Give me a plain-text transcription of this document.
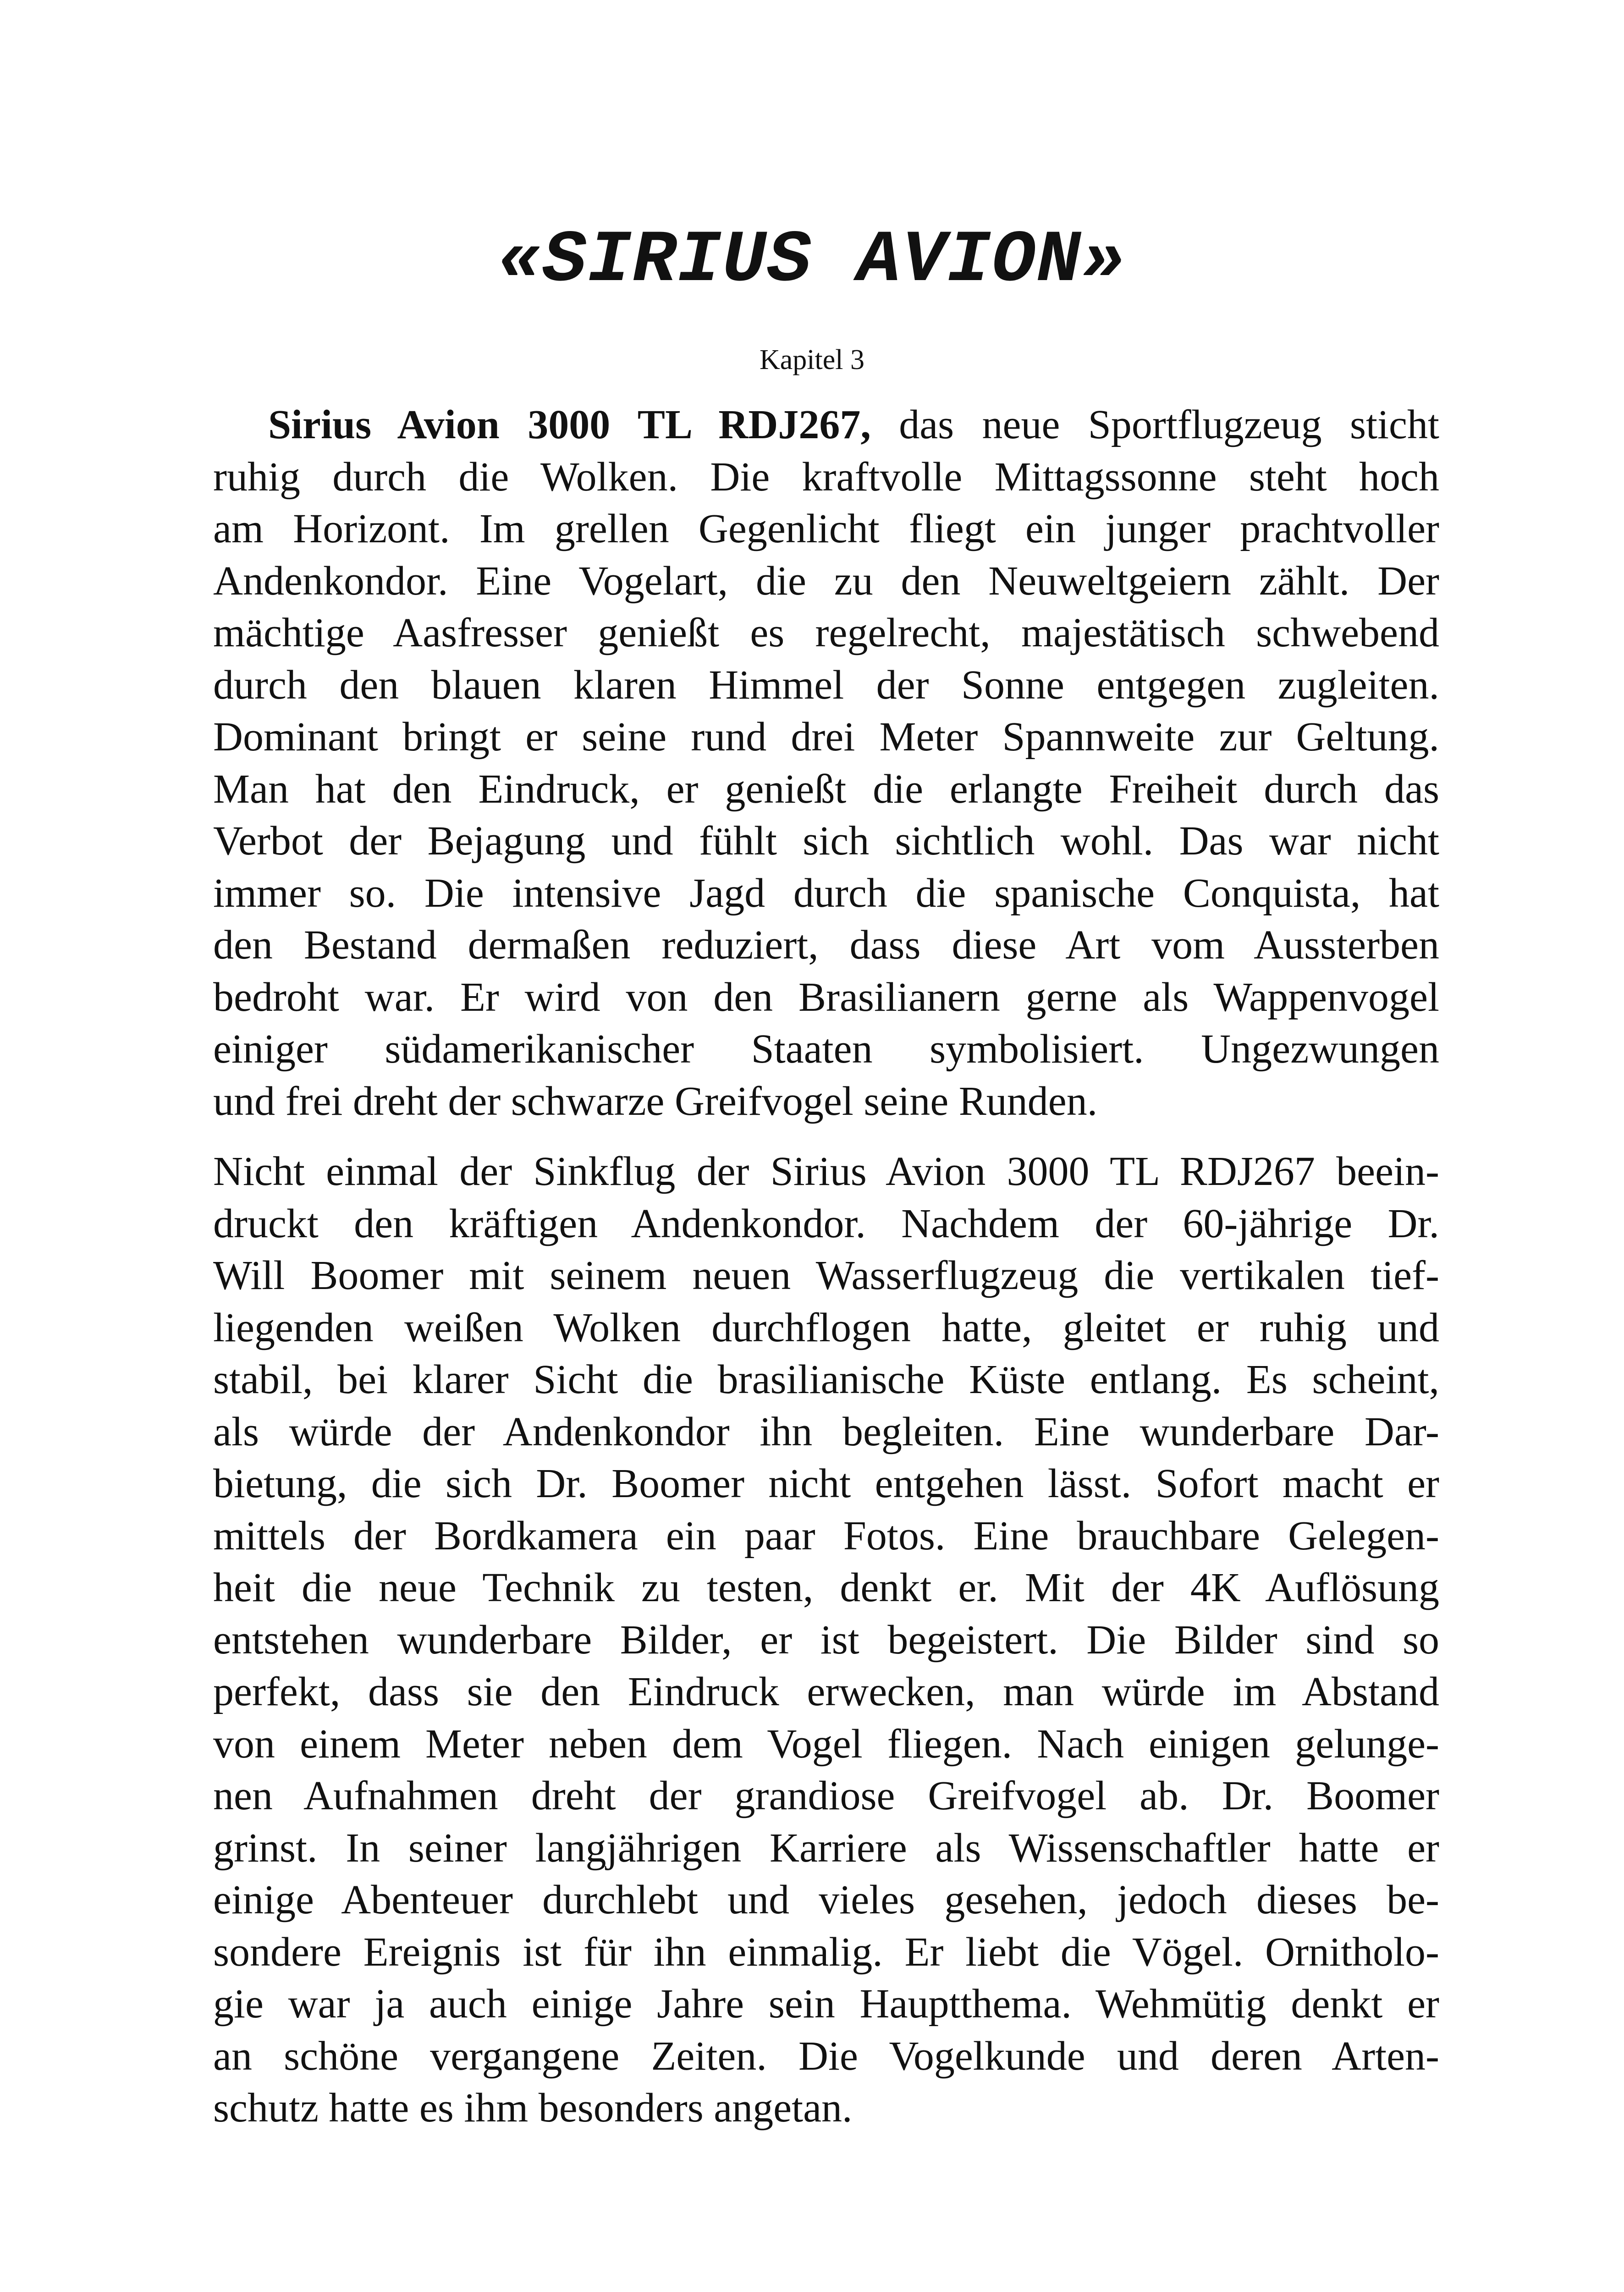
«SIRIUS AVION»
Kapitel 3
Sirius Avion 3000 TL RDJ267, das neue Sportflugzeug sticht
ruhig durch die Wolken. Die kraftvolle Mittagssonne steht hoch
am Horizont. Im grellen Gegenlicht fliegt ein junger prachtvoller
Andenkondor. Eine Vogelart, die zu den Neuweltgeiern zählt. Der
mächtige Aasfresser genießt es regelrecht, majestätisch schwebend
durch den blauen klaren Himmel der Sonne entgegen zugleiten.
Dominant bringt er seine rund drei Meter Spannweite zur Geltung.
Man hat den Eindruck, er genießt die erlangte Freiheit durch das
Verbot der Bejagung und fühlt sich sichtlich wohl. Das war nicht
immer so. Die intensive Jagd durch die spanische Conquista, hat
den Bestand dermaßen reduziert, dass diese Art vom Aussterben
bedroht war. Er wird von den Brasilianern gerne als Wappenvogel
einiger südamerikanischer Staaten symbolisiert. Ungezwungen
und frei dreht der schwarze Greifvogel seine Runden.
Nicht einmal der Sinkflug der Sirius Avion 3000 TL RDJ267 beein-
druckt den kräftigen Andenkondor. Nachdem der 60-jährige Dr.
Will Boomer mit seinem neuen Wasserflugzeug die vertikalen tief-
liegenden weißen Wolken durchflogen hatte, gleitet er ruhig und
stabil, bei klarer Sicht die brasilianische Küste entlang. Es scheint,
als würde der Andenkondor ihn begleiten. Eine wunderbare Dar-
bietung, die sich Dr. Boomer nicht entgehen lässt. Sofort macht er
mittels der Bordkamera ein paar Fotos. Eine brauchbare Gelegen-
heit die neue Technik zu testen, denkt er. Mit der 4K Auflösung
entstehen wunderbare Bilder, er ist begeistert. Die Bilder sind so
perfekt, dass sie den Eindruck erwecken, man würde im Abstand
von einem Meter neben dem Vogel fliegen. Nach einigen gelunge-
nen Aufnahmen dreht der grandiose Greifvogel ab. Dr. Boomer
grinst. In seiner langjährigen Karriere als Wissenschaftler hatte er
einige Abenteuer durchlebt und vieles gesehen, jedoch dieses be-
sondere Ereignis ist für ihn einmalig. Er liebt die Vögel. Ornitholo-
gie war ja auch einige Jahre sein Hauptthema. Wehmütig denkt er
an schöne vergangene Zeiten. Die Vogelkunde und deren Arten-
schutz hatte es ihm besonders angetan.
